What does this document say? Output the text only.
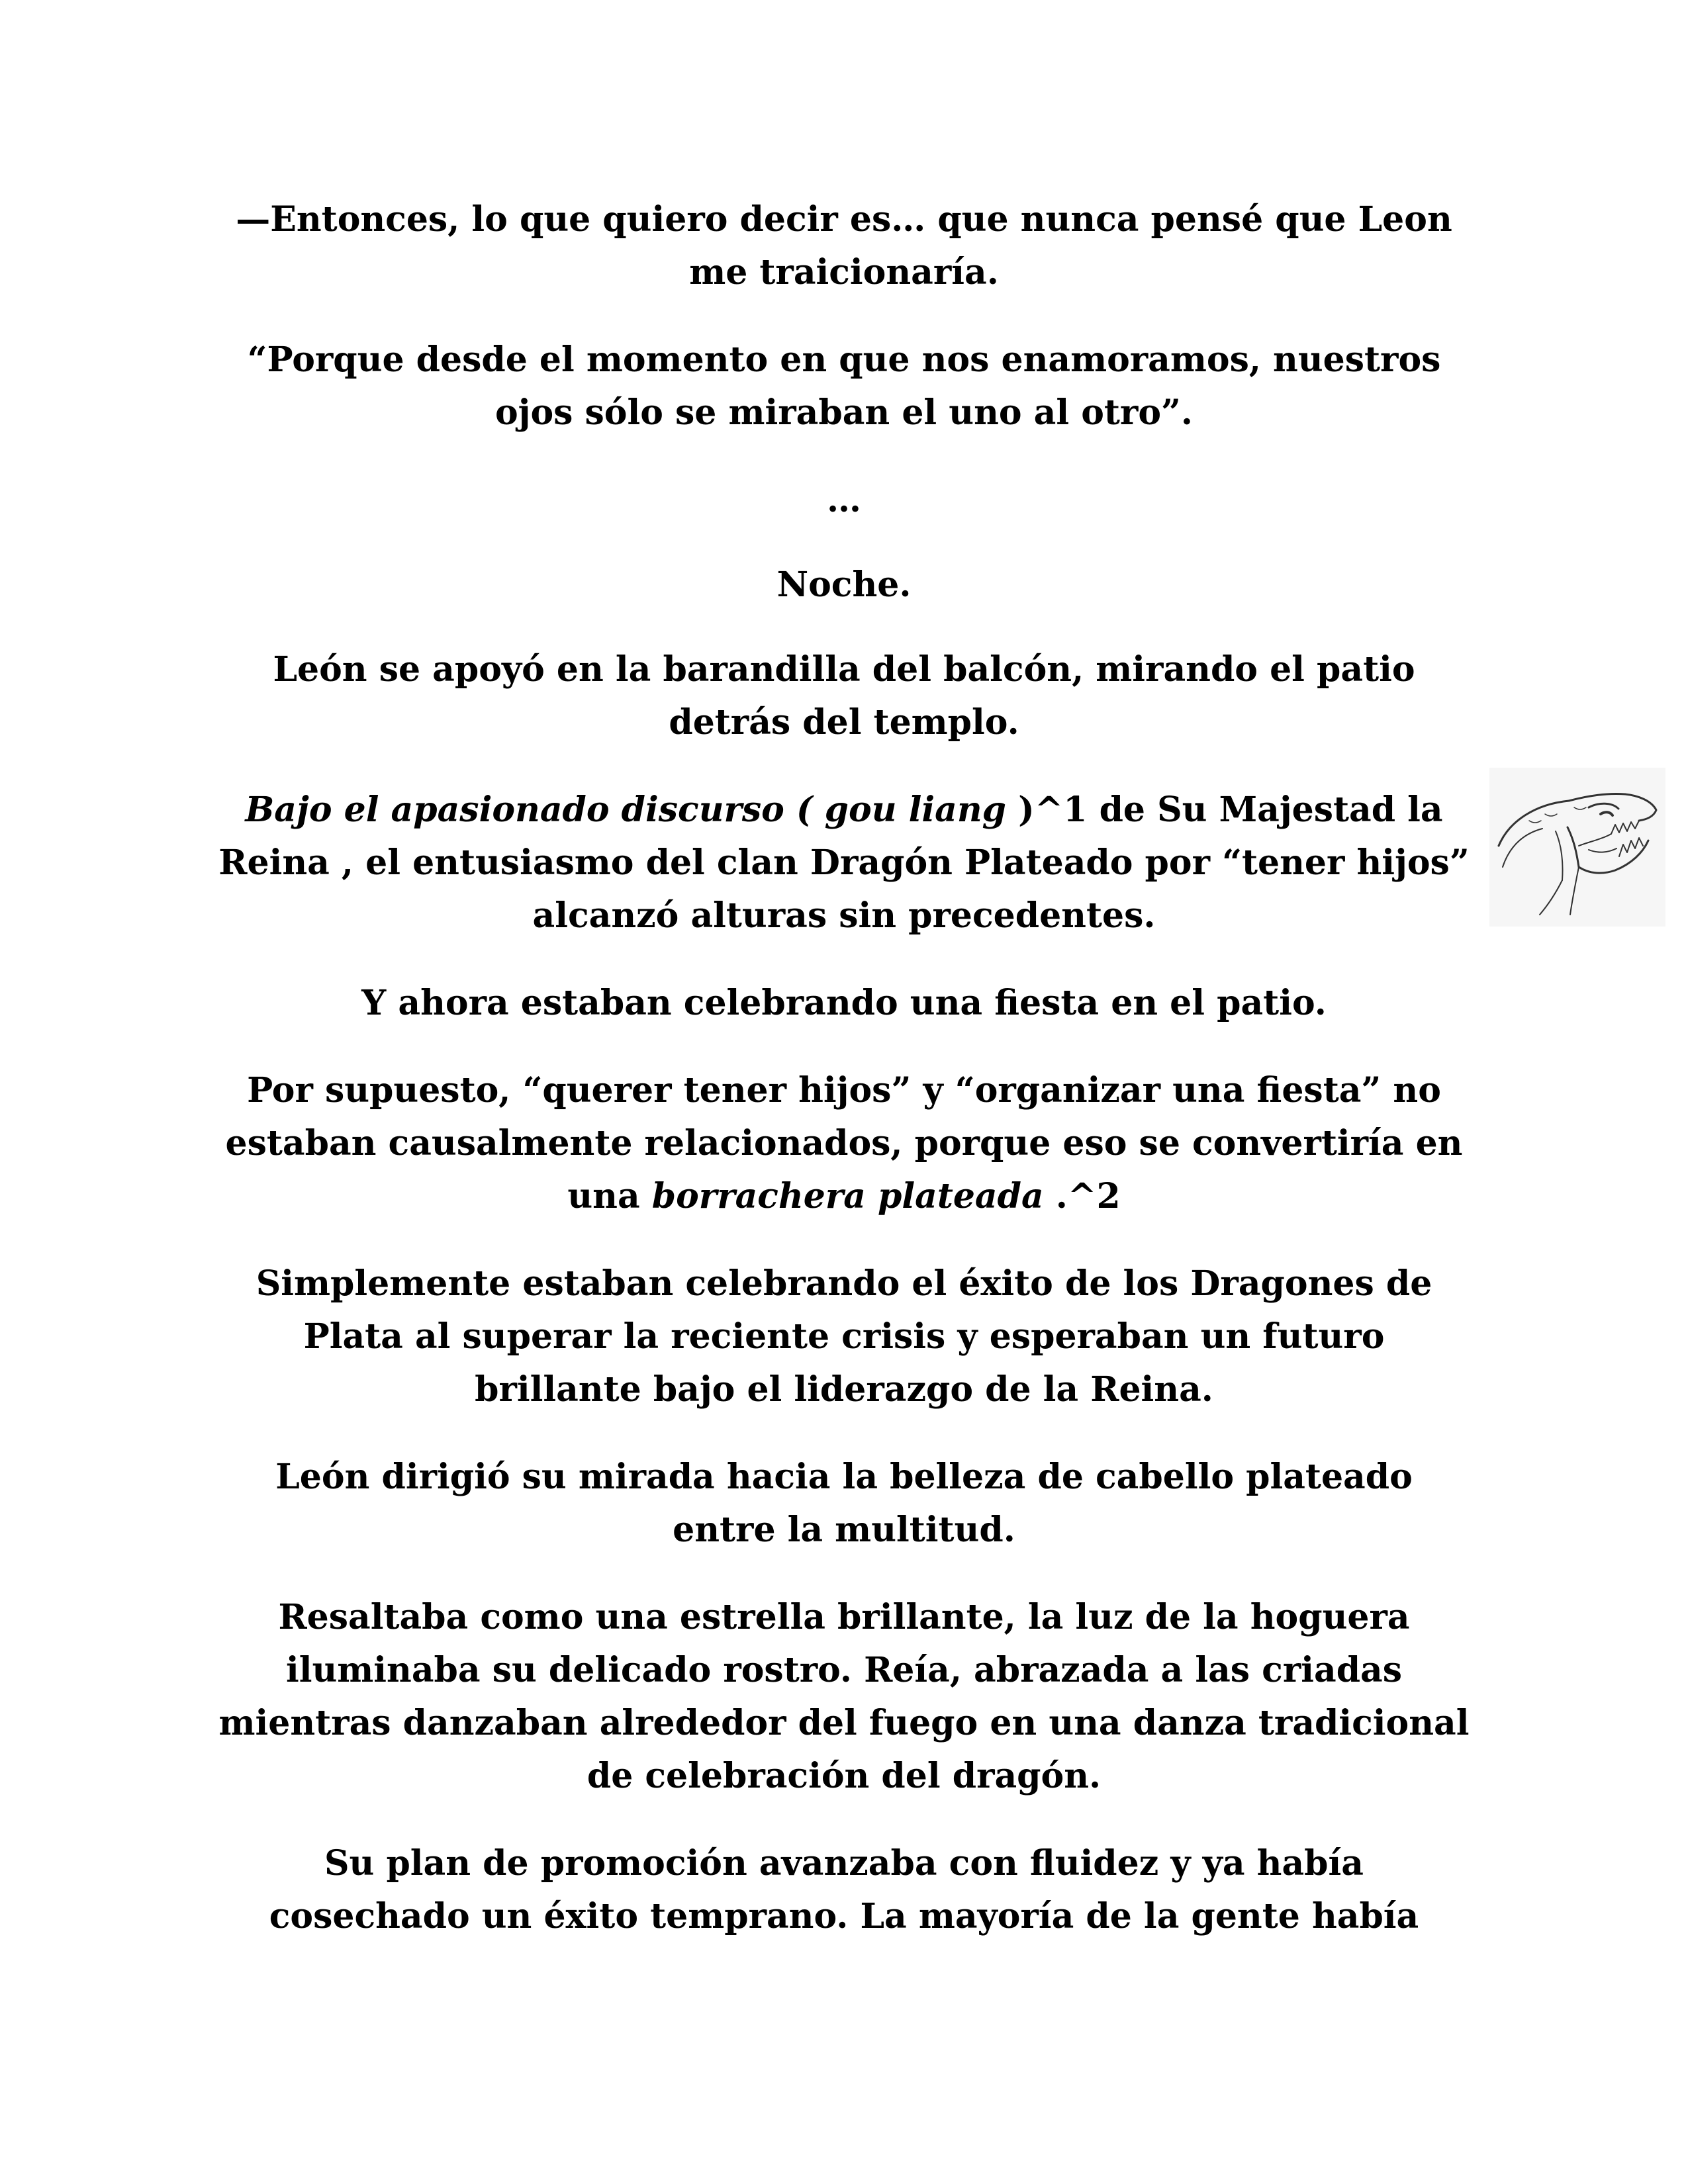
—Entonces, lo que quiero decir es… que nunca pensé que Leon me traicionaría.

“Porque desde el momento en que nos enamoramos, nuestros ojos sólo se miraban el uno al otro”.

…

Noche.

León se apoyó en la barandilla del balcón, mirando el patio detrás del templo.

Bajo el apasionado discurso ( gou liang )^1 de Su Majestad la Reina , el entusiasmo del clan Dragón Plateado por “tener hijos” alcanzó alturas sin precedentes.

Y ahora estaban celebrando una fiesta en el patio.

Por supuesto, “querer tener hijos” y “organizar una fiesta” no estaban causalmente relacionados, porque eso se convertiría en una borrachera plateada .^2

Simplemente estaban celebrando el éxito de los Dragones de Plata al superar la reciente crisis y esperaban un futuro brillante bajo el liderazgo de la Reina.

León dirigió su mirada hacia la belleza de cabello plateado entre la multitud.

Resaltaba como una estrella brillante, la luz de la hoguera iluminaba su delicado rostro. Reía, abrazada a las criadas mientras danzaban alrededor del fuego en una danza tradicional de celebración del dragón.

Su plan de promoción avanzaba con fluidez y ya había cosechado un éxito temprano. La mayoría de la gente había
